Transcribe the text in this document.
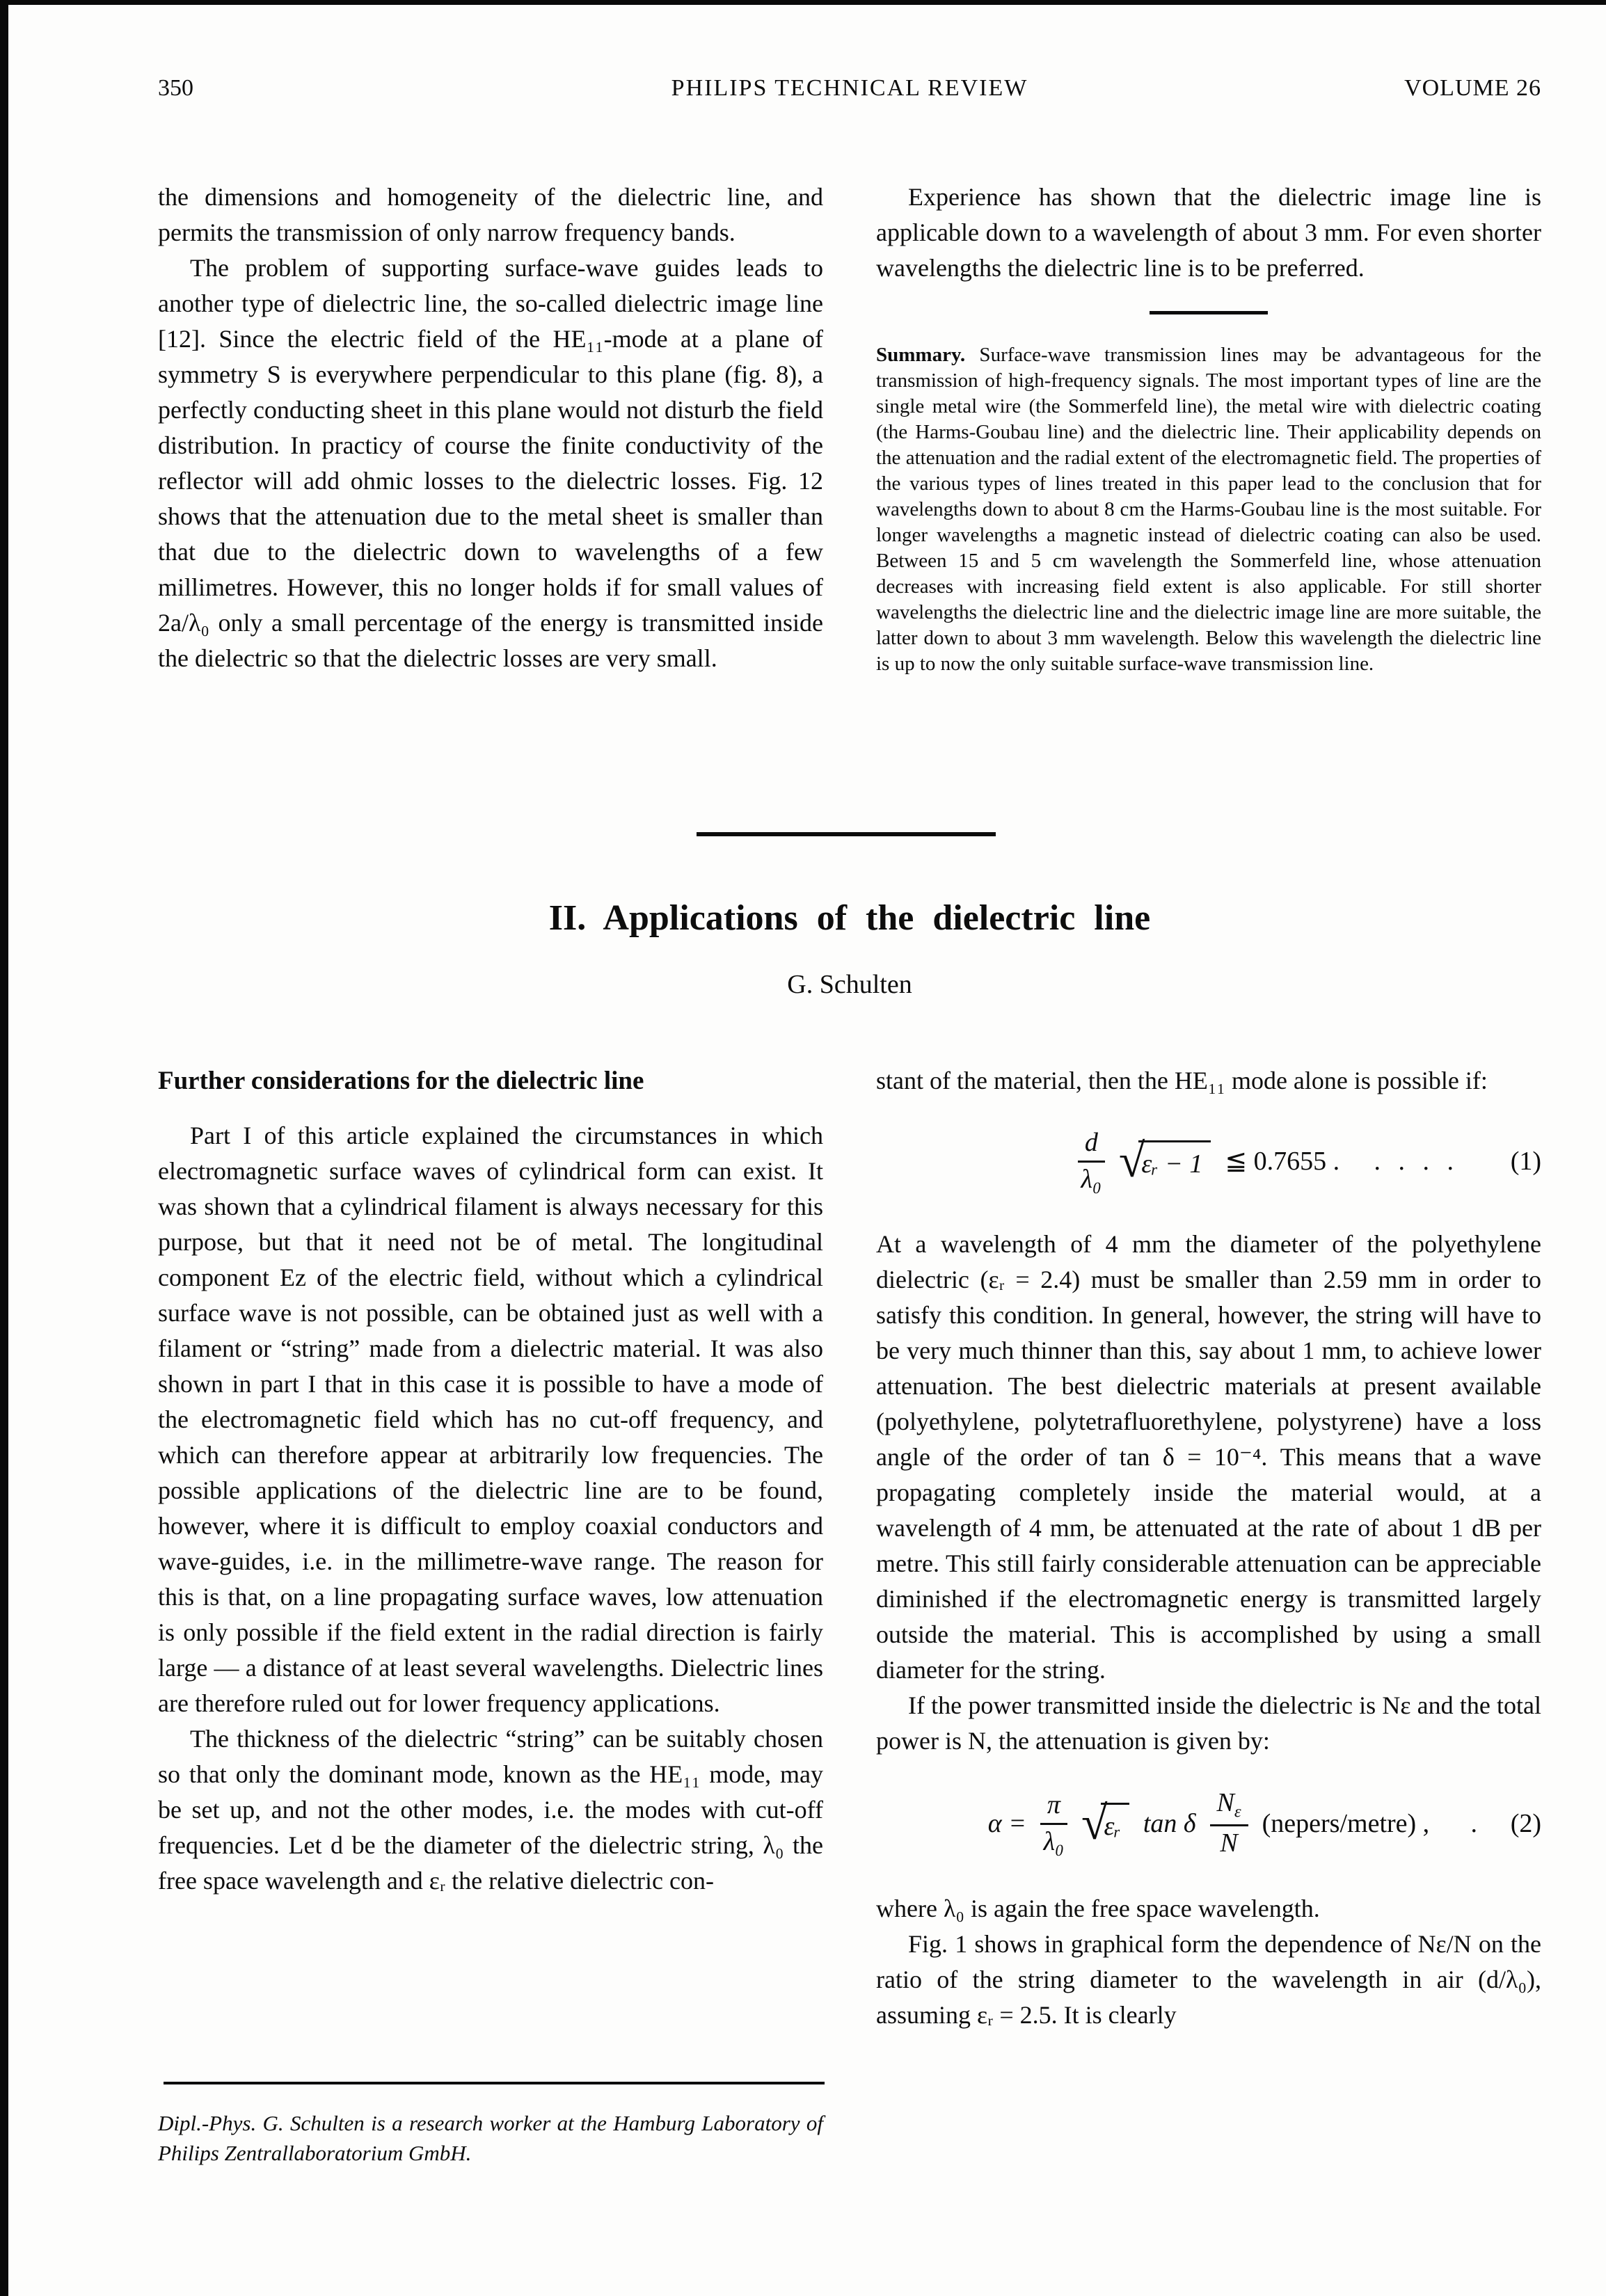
350	PHILIPS TECHNICAL REVIEW	VOLUME 26

the dimensions and homogeneity of the dielectric line, and permits the transmission of only narrow frequency bands.

The problem of supporting surface-wave guides leads to another type of dielectric line, the so-called dielectric image line [12]. Since the electric field of the HE₁₁-mode at a plane of symmetry S is everywhere perpendicular to this plane (fig. 8), a perfectly conducting sheet in this plane would not disturb the field distribution. In practicy of course the finite conductivity of the reflector will add ohmic losses to the dielectric losses. Fig. 12 shows that the attenuation due to the metal sheet is smaller than that due to the dielectric down to wavelengths of a few millimetres. However, this no longer holds if for small values of 2a/λ₀ only a small percentage of the energy is transmitted inside the dielectric so that the dielectric losses are very small.

Experience has shown that the dielectric image line is applicable down to a wavelength of about 3 mm. For even shorter wavelengths the dielectric line is to be preferred.

Summary. Surface-wave transmission lines may be advantageous for the transmission of high-frequency signals. The most important types of line are the single metal wire (the Sommerfeld line), the metal wire with dielectric coating (the Harms-Goubau line) and the dielectric line. Their applicability depends on the attenuation and the radial extent of the electromagnetic field. The properties of the various types of lines treated in this paper lead to the conclusion that for wavelengths down to about 8 cm the Harms-Goubau line is the most suitable. For longer wavelengths a magnetic instead of dielectric coating can also be used. Between 15 and 5 cm wavelength the Sommerfeld line, whose attenuation decreases with increasing field extent is also applicable. For still shorter wavelengths the dielectric line and the dielectric image line are more suitable, the latter down to about 3 mm wavelength. Below this wavelength the dielectric line is up to now the only suitable surface-wave transmission line.
II. Applications of the dielectric line
G. Schulten
Further considerations for the dielectric line

Part I of this article explained the circumstances in which electromagnetic surface waves of cylindrical form can exist. It was shown that a cylindrical filament is always necessary for this purpose, but that it need not be of metal. The longitudinal component Ez of the electric field, without which a cylindrical surface wave is not possible, can be obtained just as well with a filament or “string” made from a dielectric material. It was also shown in part I that in this case it is possible to have a mode of the electromagnetic field which has no cut-off frequency, and which can therefore appear at arbitrarily low frequencies. The possible applications of the dielectric line are to be found, however, where it is difficult to employ coaxial conductors and wave-guides, i.e. in the millimetre-wave range. The reason for this is that, on a line propagating surface waves, low attenuation is only possible if the field extent in the radial direction is fairly large — a distance of at least several wavelengths. Dielectric lines are therefore ruled out for lower frequency applications.

The thickness of the dielectric “string” can be suitably chosen so that only the dominant mode, known as the HE₁₁ mode, may be set up, and not the other modes, i.e. the modes with cut-off frequencies. Let d be the diameter of the dielectric string, λ₀ the free space wavelength and εᵣ the relative dielectric con-

stant of the material, then the HE₁₁ mode alone is possible if:

$\frac{d}{\text{λ₀}}$ √
εᵣ − 1 ≦ 0.7655 . . . . . (1)

At a wavelength of 4 mm the diameter of the polyethylene dielectric (εᵣ = 2.4) must be smaller than 2.59 mm in order to satisfy this condition. In general, however, the string will have to be very much thinner than this, say about 1 mm, to achieve lower attenuation. The best dielectric materials at present available (polyethylene, polytetrafluorethylene, polystyrene) have a loss angle of the order of tan δ = 10⁻⁴. This means that a wave propagating completely inside the material would, at a wavelength of 4 mm, be attenuated at the rate of about 1 dB per metre. This still fairly considerable attenuation can be appreciable diminished if the electromagnetic energy is transmitted largely outside the material. This is accomplished by using a small diameter for the string.

If the power transmitted inside the dielectric is Nε and the total power is N, the attenuation is given by:

$\alpha = \frac{\pi}{\text{λ₀}}$ √
εᵣ tan δ $\frac{N_\varepsilon}{N}$ (nepers/metre) , . (2)

where λ₀ is again the free space wavelength.

Fig. 1 shows in graphical form the dependence of Nε/N on the ratio of the string diameter to the wavelength in air (d/λ₀), assuming εᵣ = 2.5. It is clearly

Dipl.-Phys. G. Schulten is a research worker at the Hamburg Laboratory of Philips Zentrallaboratorium GmbH.
